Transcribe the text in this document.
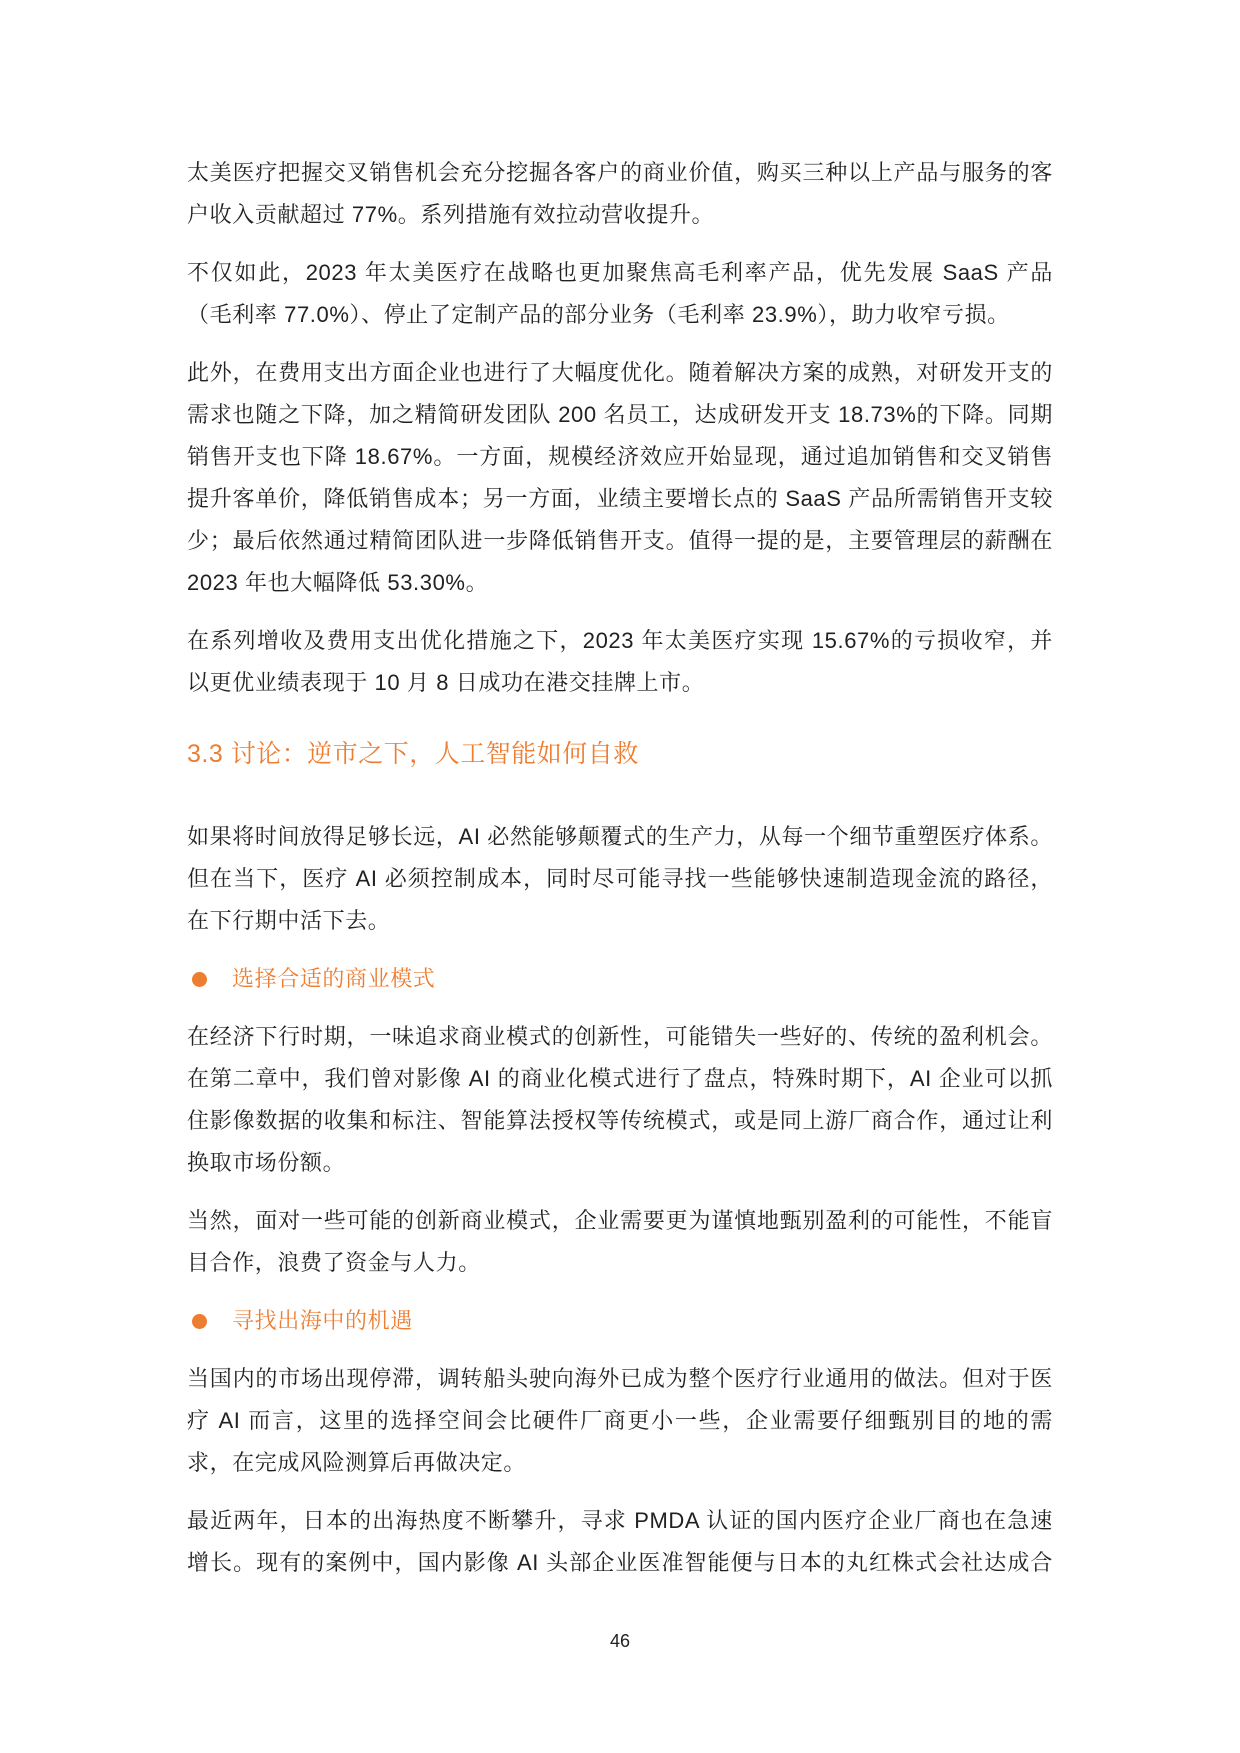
太美医疗把握交叉销售机会充分挖掘各客户的商业价值，购买三种以上产品与服务的客户收入贡献超过 77%。系列措施有效拉动营收提升。

不仅如此，2023 年太美医疗在战略也更加聚焦高毛利率产品，优先发展 SaaS 产品（毛利率 77.0%）、停止了定制产品的部分业务（毛利率 23.9%），助力收窄亏损。

此外，在费用支出方面企业也进行了大幅度优化。随着解决方案的成熟，对研发开支的需求也随之下降，加之精简研发团队 200 名员工，达成研发开支 18.73%的下降。同期销售开支也下降 18.67%。一方面，规模经济效应开始显现，通过追加销售和交叉销售提升客单价，降低销售成本；另一方面，业绩主要增长点的 SaaS 产品所需销售开支较少；最后依然通过精简团队进一步降低销售开支。值得一提的是，主要管理层的薪酬在 2023 年也大幅降低 53.30%。

在系列增收及费用支出优化措施之下，2023 年太美医疗实现 15.67%的亏损收窄，并以更优业绩表现于 10 月 8 日成功在港交挂牌上市。

3.3 讨论：逆市之下，人工智能如何自救

如果将时间放得足够长远，AI 必然能够颠覆式的生产力，从每一个细节重塑医疗体系。但在当下，医疗 AI 必须控制成本，同时尽可能寻找一些能够快速制造现金流的路径，在下行期中活下去。

选择合适的商业模式

在经济下行时期，一味追求商业模式的创新性，可能错失一些好的、传统的盈利机会。在第二章中，我们曾对影像 AI 的商业化模式进行了盘点，特殊时期下，AI 企业可以抓住影像数据的收集和标注、智能算法授权等传统模式，或是同上游厂商合作，通过让利换取市场份额。

当然，面对一些可能的创新商业模式，企业需要更为谨慎地甄别盈利的可能性，不能盲目合作，浪费了资金与人力。

寻找出海中的机遇

当国内的市场出现停滞，调转船头驶向海外已成为整个医疗行业通用的做法。但对于医疗 AI 而言，这里的选择空间会比硬件厂商更小一些，企业需要仔细甄别目的地的需求，在完成风险测算后再做决定。

最近两年，日本的出海热度不断攀升，寻求 PMDA 认证的国内医疗企业厂商也在急速增长。现有的案例中，国内影像 AI 头部企业医准智能便与日本的丸红株式会社达成合

46
